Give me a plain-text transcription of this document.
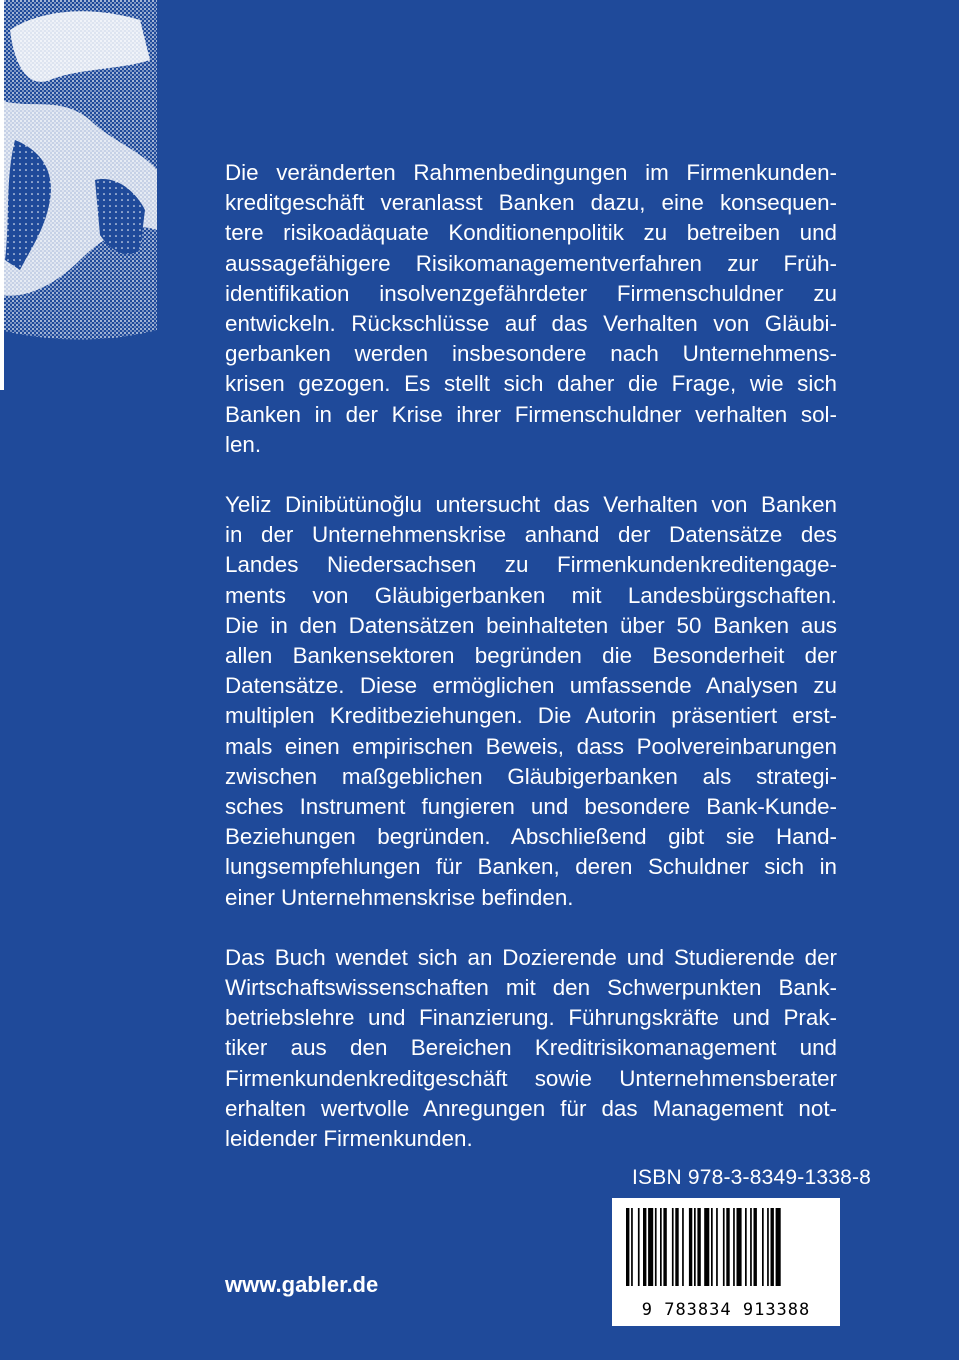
Die veränderten Rahmenbedingungen im Firmenkunden-
kreditgeschäft veranlasst Banken dazu, eine konsequen-
tere risikoadäquate Konditionenpolitik zu betreiben und
aussagefähigere Risikomanagementverfahren zur Früh-
identifikation insolvenzgefährdeter Firmenschuldner zu
entwickeln. Rückschlüsse auf das Verhalten von Gläubi-
gerbanken werden insbesondere nach Unternehmens-
krisen gezogen. Es stellt sich daher die Frage, wie sich
Banken in der Krise ihrer Firmenschuldner verhalten sol-
len.

Yeliz Dinibütünoğlu untersucht das Verhalten von Banken
in der Unternehmenskrise anhand der Datensätze des
Landes Niedersachsen zu Firmenkundenkreditengage-
ments von Gläubigerbanken mit Landesbürgschaften.
Die in den Datensätzen beinhalteten über 50 Banken aus
allen Bankensektoren begründen die Besonderheit der
Datensätze. Diese ermöglichen umfassende Analysen zu
multiplen Kreditbeziehungen. Die Autorin präsentiert erst-
mals einen empirischen Beweis, dass Poolvereinbarungen
zwischen maßgeblichen Gläubigerbanken als strategi-
sches Instrument fungieren und besondere Bank-Kunde-
Beziehungen begründen. Abschließend gibt sie Hand-
lungsempfehlungen für Banken, deren Schuldner sich in
einer Unternehmenskrise befinden.

Das Buch wendet sich an Dozierende und Studierende der
Wirtschaftswissenschaften mit den Schwerpunkten Bank-
betriebslehre und Finanzierung. Führungskräfte und Prak-
tiker aus den Bereichen Kreditrisikomanagement und
Firmenkundenkreditgeschäft sowie Unternehmensberater
erhalten wertvolle Anregungen für das Management not-
leidender Firmenkunden.

ISBN 978-3-8349-1338-8
9 783834 913388
www.gabler.de
